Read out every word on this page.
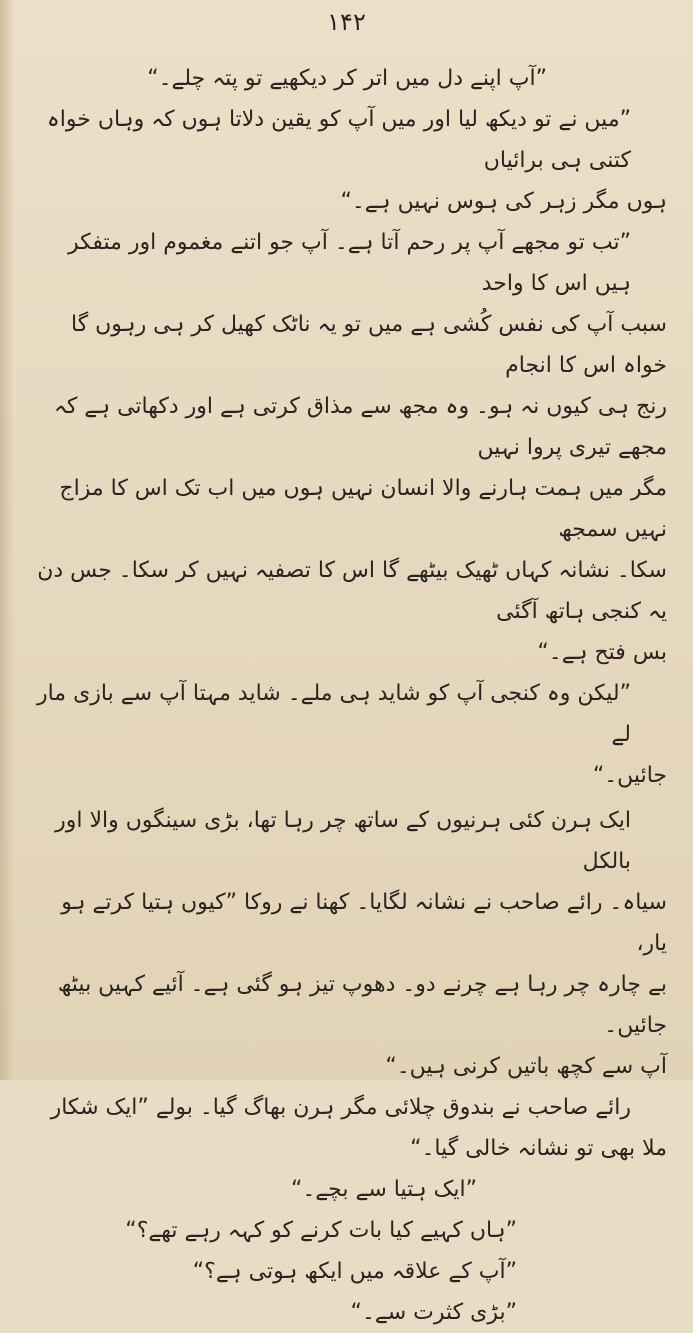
۱۴۲

”آپ اپنے دل میں اتر کر دیکھیے تو پتہ چلے۔“

”میں نے تو دیکھ لیا اور میں آپ کو یقین دلاتا ہوں کہ وہاں خواہ کتنی ہی برائیاں

ہوں مگر زہر کی ہوس نہیں ہے۔“

”تب تو مجھے آپ پر رحم آتا ہے۔ آپ جو اتنے مغموم اور متفکر ہیں اس کا واحد

سبب آپ کی نفس کُشی ہے میں تو یہ ناٹک کھیل کر ہی رہوں گا خواہ اس کا انجام

رنج ہی کیوں نہ ہو۔ وہ مجھ سے مذاق کرتی ہے اور دکھاتی ہے کہ مجھے تیری پروا نہیں

مگر میں ہمت ہارنے والا انسان نہیں ہوں میں اب تک اس کا مزاج نہیں سمجھ

سکا۔ نشانہ کہاں ٹھیک بیٹھے گا اس کا تصفیہ نہیں کر سکا۔ جس دن یہ کنجی ہاتھ آگئی

بس فتح ہے۔“

”لیکن وہ کنجی آپ کو شاید ہی ملے۔ شاید مہتا آپ سے بازی مار لے

جائیں۔“

ایک ہرن کئی ہرنیوں کے ساتھ چر رہا تھا، بڑی سینگوں والا اور بالکل

سیاہ۔ رائے صاحب نے نشانہ لگایا۔ کھنا نے روکا ”کیوں ہتیا کرتے ہو یار،

بے چارہ چر رہا ہے چرنے دو۔ دھوپ تیز ہو گئی ہے۔ آئیے کہیں بیٹھ جائیں۔

آپ سے کچھ باتیں کرنی ہیں۔“

رائے صاحب نے بندوق چلائی مگر ہرن بھاگ گیا۔ بولے ”ایک شکار

ملا بھی تو نشانہ خالی گیا۔“

”ایک ہتیا سے بچے۔“

”ہاں کہیے کیا بات کرنے کو کہہ رہے تھے؟“

”آپ کے علاقہ میں ایکھ ہوتی ہے؟“

”بڑی کثرت سے۔“
